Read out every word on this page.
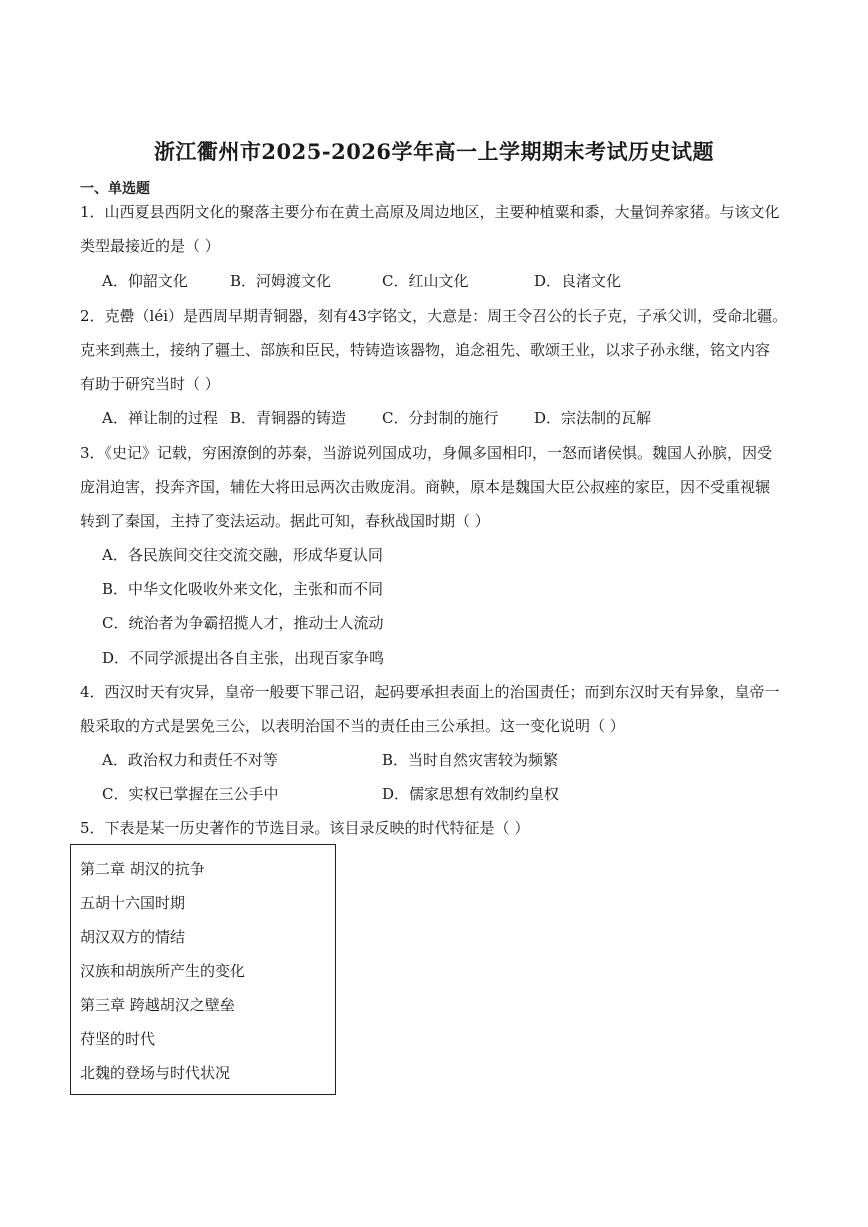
浙江衢州市2025-2026学年高一上学期期末考试历史试题
一、单选题
1．山西夏县西阴文化的聚落主要分布在黄土高原及周边地区，主要种植粟和黍，大量饲养家猪。与该文化
类型最接近的是（ ）
A．仰韶文化	B．河姆渡文化	C．红山文化	D．良渚文化
2．克罍（léi）是西周早期青铜器，刻有43字铭文，大意是：周王令召公的长子克，子承父训，受命北疆。
克来到燕土，接纳了疆土、部族和臣民，特铸造该器物，追念祖先、歌颂王业，以求子孙永继，铭文内容
有助于研究当时（ ）
A．禅让制的过程 B．青铜器的铸造 C．分封制的施行 D．宗法制的瓦解
3．《史记》记载，穷困潦倒的苏秦，当游说列国成功，身佩多国相印，一怒而诸侯惧。魏国人孙膑，因受
庞涓迫害，投奔齐国，辅佐大将田忌两次击败庞涓。商鞅，原本是魏国大臣公叔痤的家臣，因不受重视辗
转到了秦国，主持了变法运动。据此可知，春秋战国时期（ ）
A．各民族间交往交流交融，形成华夏认同
B．中华文化吸收外来文化，主张和而不同
C．统治者为争霸招揽人才，推动士人流动
D．不同学派提出各自主张，出现百家争鸣
4．西汉时天有灾异，皇帝一般要下罪己诏，起码要承担表面上的治国责任；而到东汉时天有异象，皇帝一
般采取的方式是罢免三公，以表明治国不当的责任由三公承担。这一变化说明（ ）
A．政治权力和责任不对等	B．当时自然灾害较为频繁
C．实权已掌握在三公手中	D．儒家思想有效制约皇权
5．下表是某一历史著作的节选目录。该目录反映的时代特征是（ ）
第二章 胡汉的抗争
五胡十六国时期
胡汉双方的情结
汉族和胡族所产生的变化
第三章 跨越胡汉之壁垒
苻坚的时代
北魏的登场与时代状况
